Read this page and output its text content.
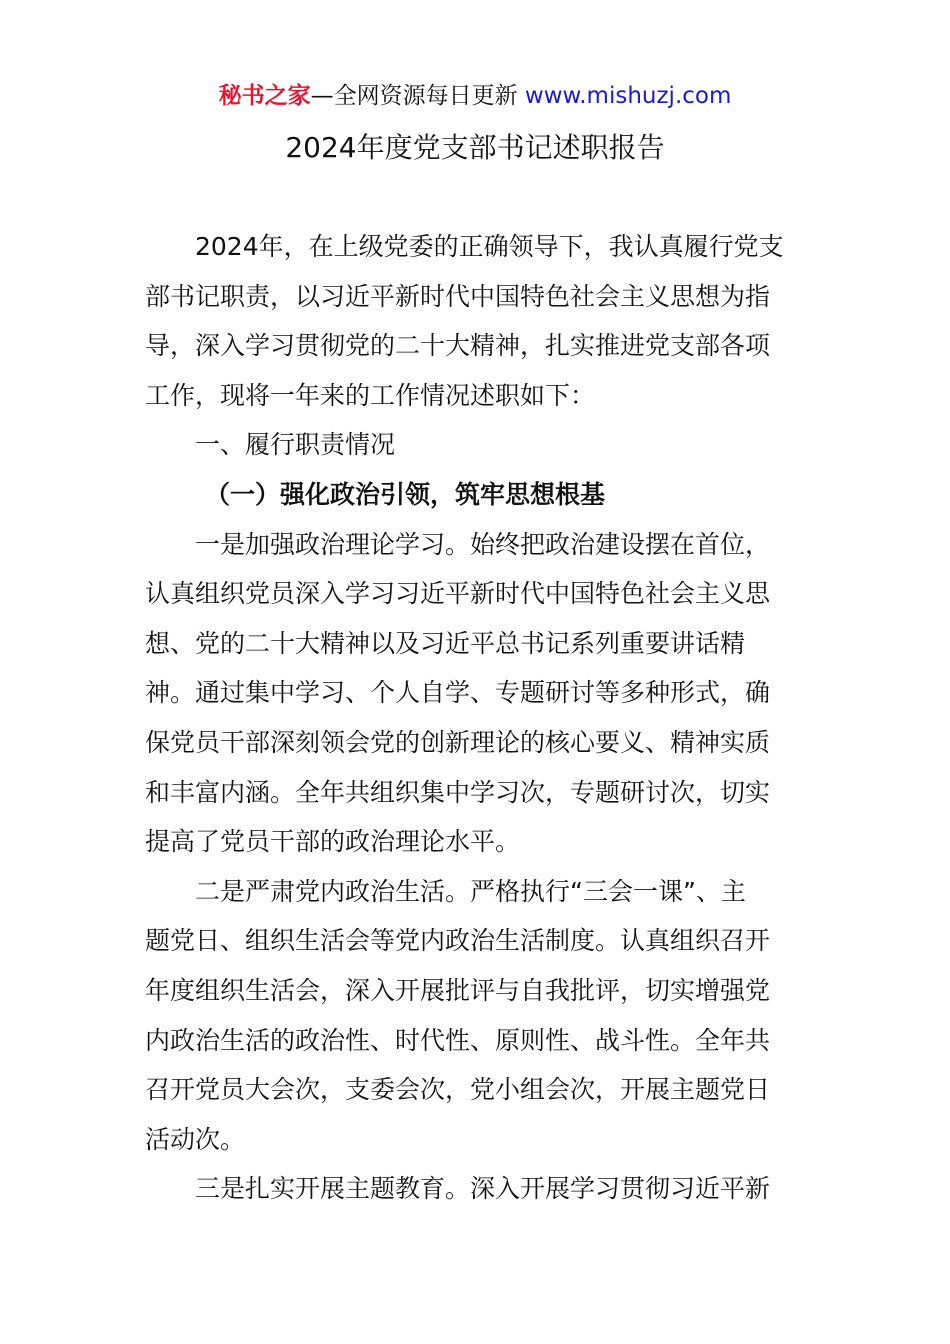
秘书之家—全网资源每日更新 www.mishuzj.com
2024年度党支部书记述职报告
2024年，在上级党委的正确领导下，我认真履行党支
部书记职责，以习近平新时代中国特色社会主义思想为指
导，深入学习贯彻党的二十大精神，扎实推进党支部各项
工作，现将一年来的工作情况述职如下：
一、履行职责情况
（一）强化政治引领，筑牢思想根基
一是加强政治理论学习。始终把政治建设摆在首位，
认真组织党员深入学习习近平新时代中国特色社会主义思
想、党的二十大精神以及习近平总书记系列重要讲话精
神。通过集中学习、个人自学、专题研讨等多种形式，确
保党员干部深刻领会党的创新理论的核心要义、精神实质
和丰富内涵。全年共组织集中学习次，专题研讨次，切实
提高了党员干部的政治理论水平。
二是严肃党内政治生活。严格执行“三会一课”、主
题党日、组织生活会等党内政治生活制度。认真组织召开
年度组织生活会，深入开展批评与自我批评，切实增强党
内政治生活的政治性、时代性、原则性、战斗性。全年共
召开党员大会次，支委会次，党小组会次，开展主题党日
活动次。
三是扎实开展主题教育。深入开展学习贯彻习近平新
